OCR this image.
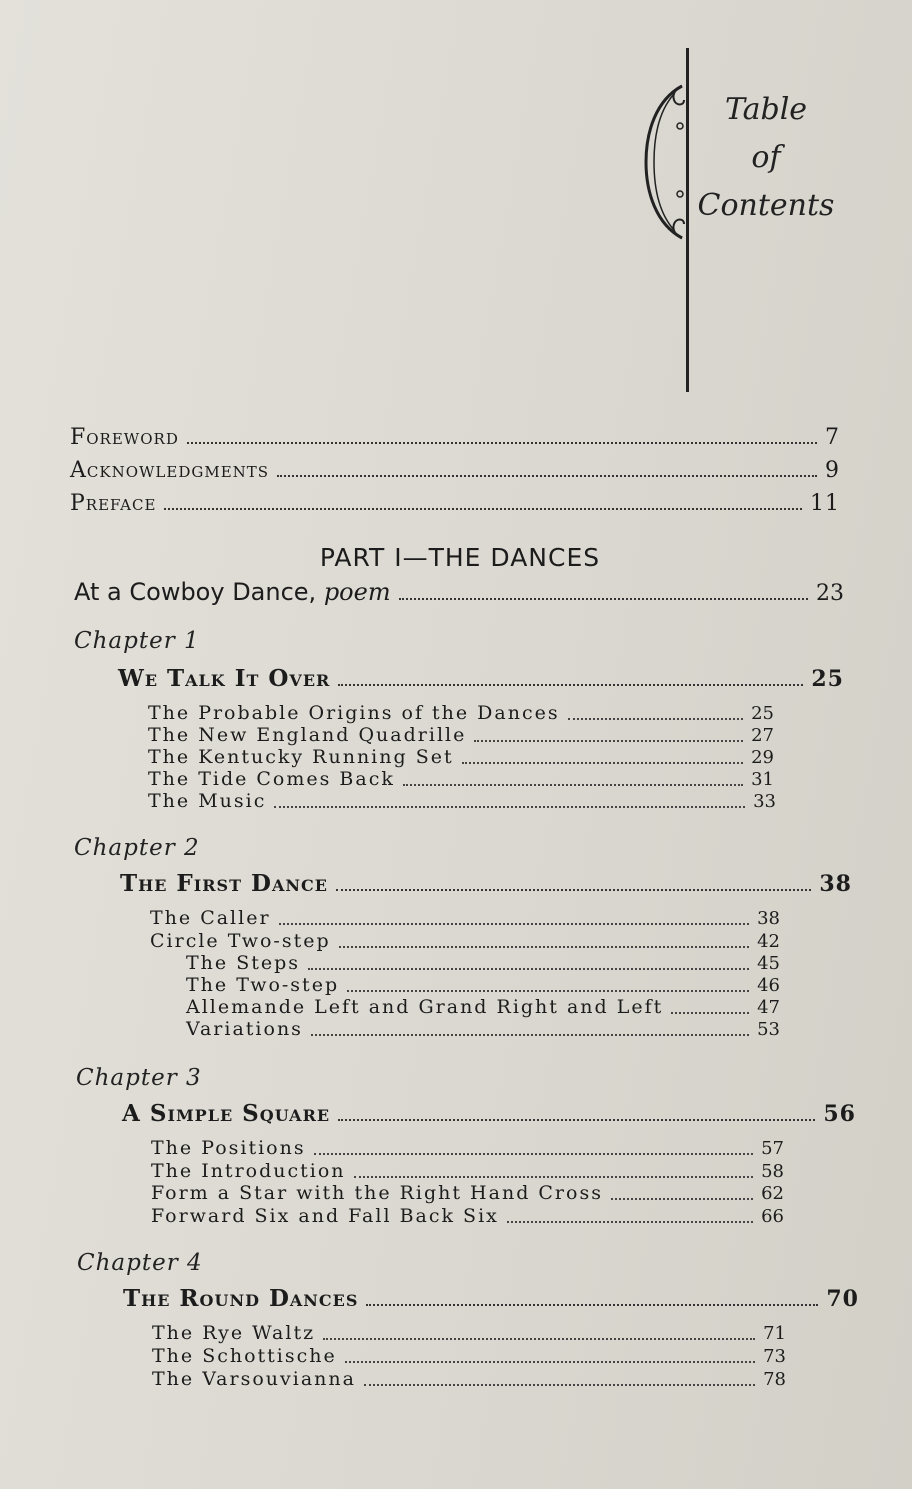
Table
of
Contents
Foreword	7
Acknowledgments	9
Preface	11
PART I—THE DANCES
At a Cowboy Dance, poem	23
Chapter 1
We Talk It Over	25
The Probable Origins of the Dances	25
The New England Quadrille	27
The Kentucky Running Set	29
The Tide Comes Back	31
The Music	33
Chapter 2
The First Dance	38
The Caller	38
Circle Two-step	42
The Steps	45
The Two-step	46
Allemande Left and Grand Right and Left	47
Variations	53
Chapter 3
A Simple Square	56
The Positions	57
The Introduction	58
Form a Star with the Right Hand Cross	62
Forward Six and Fall Back Six	66
Chapter 4
The Round Dances	70
The Rye Waltz	71
The Schottische	73
The Varsouvianna	78
